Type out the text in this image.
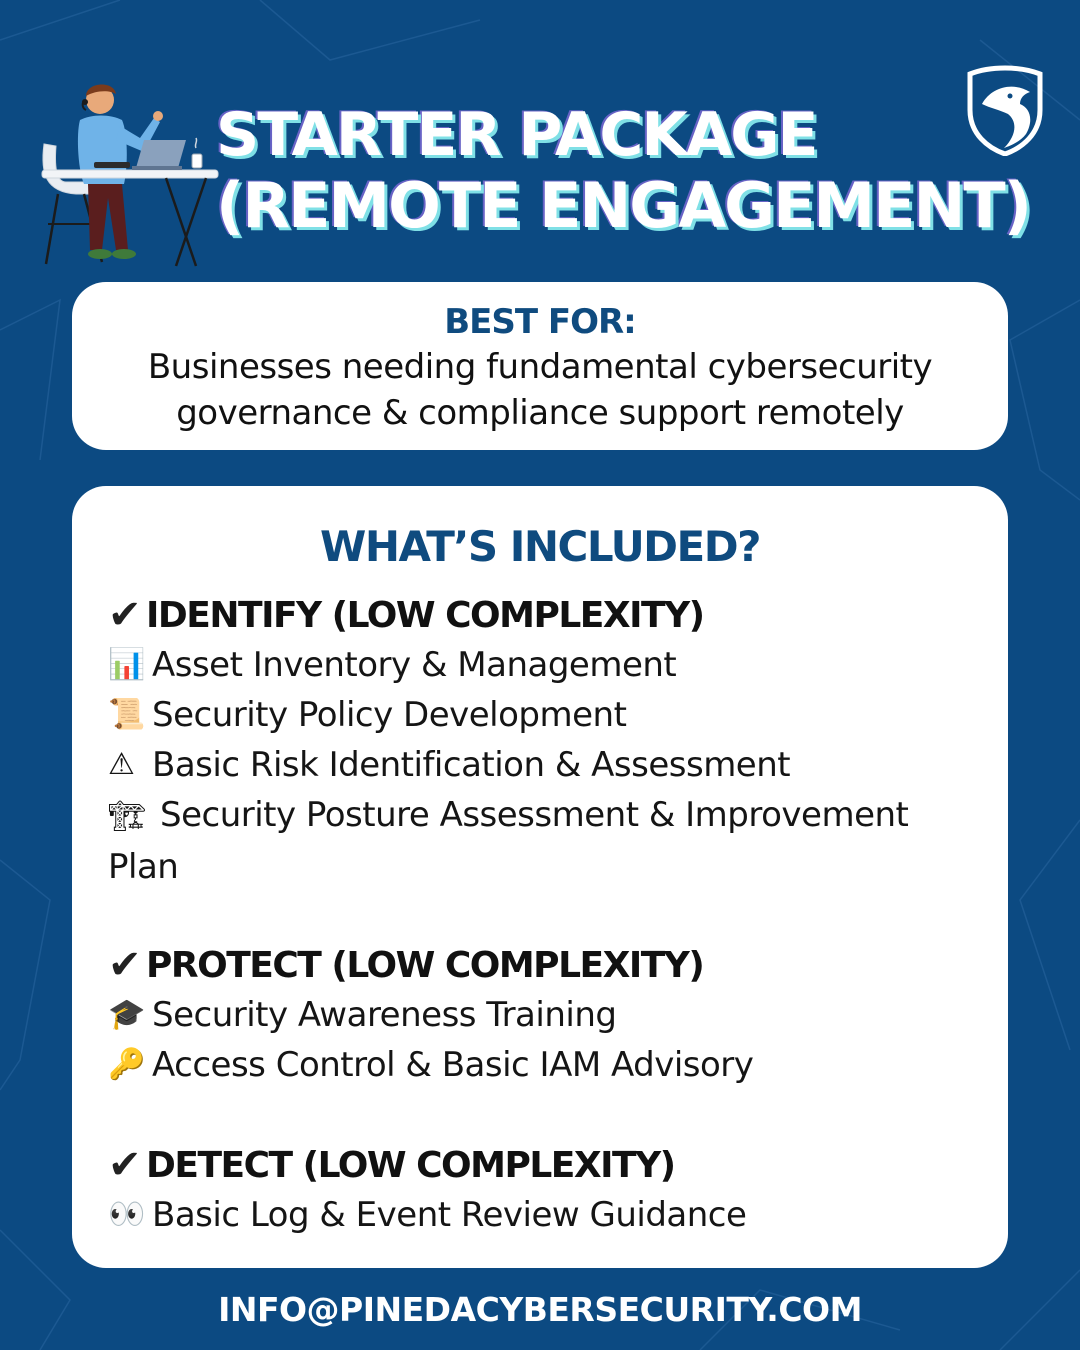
STARTER PACKAGE
(REMOTE ENGAGEMENT)
BEST FOR:
Businesses needing fundamental cybersecurity governance & compliance support remotely
WHAT’S INCLUDED?
✔ IDENTIFY (LOW COMPLEXITY)
📊 Asset Inventory & Management
📜 Security Policy Development
⚠ Basic Risk Identification & Assessment
🏗 Security Posture Assessment & Improvement Plan
✔ PROTECT (LOW COMPLEXITY)
🎓 Security Awareness Training
🔑 Access Control & Basic IAM Advisory
✔ DETECT (LOW COMPLEXITY)
👀 Basic Log & Event Review Guidance
INFO@PINEDACYBERSECURITY.COM
